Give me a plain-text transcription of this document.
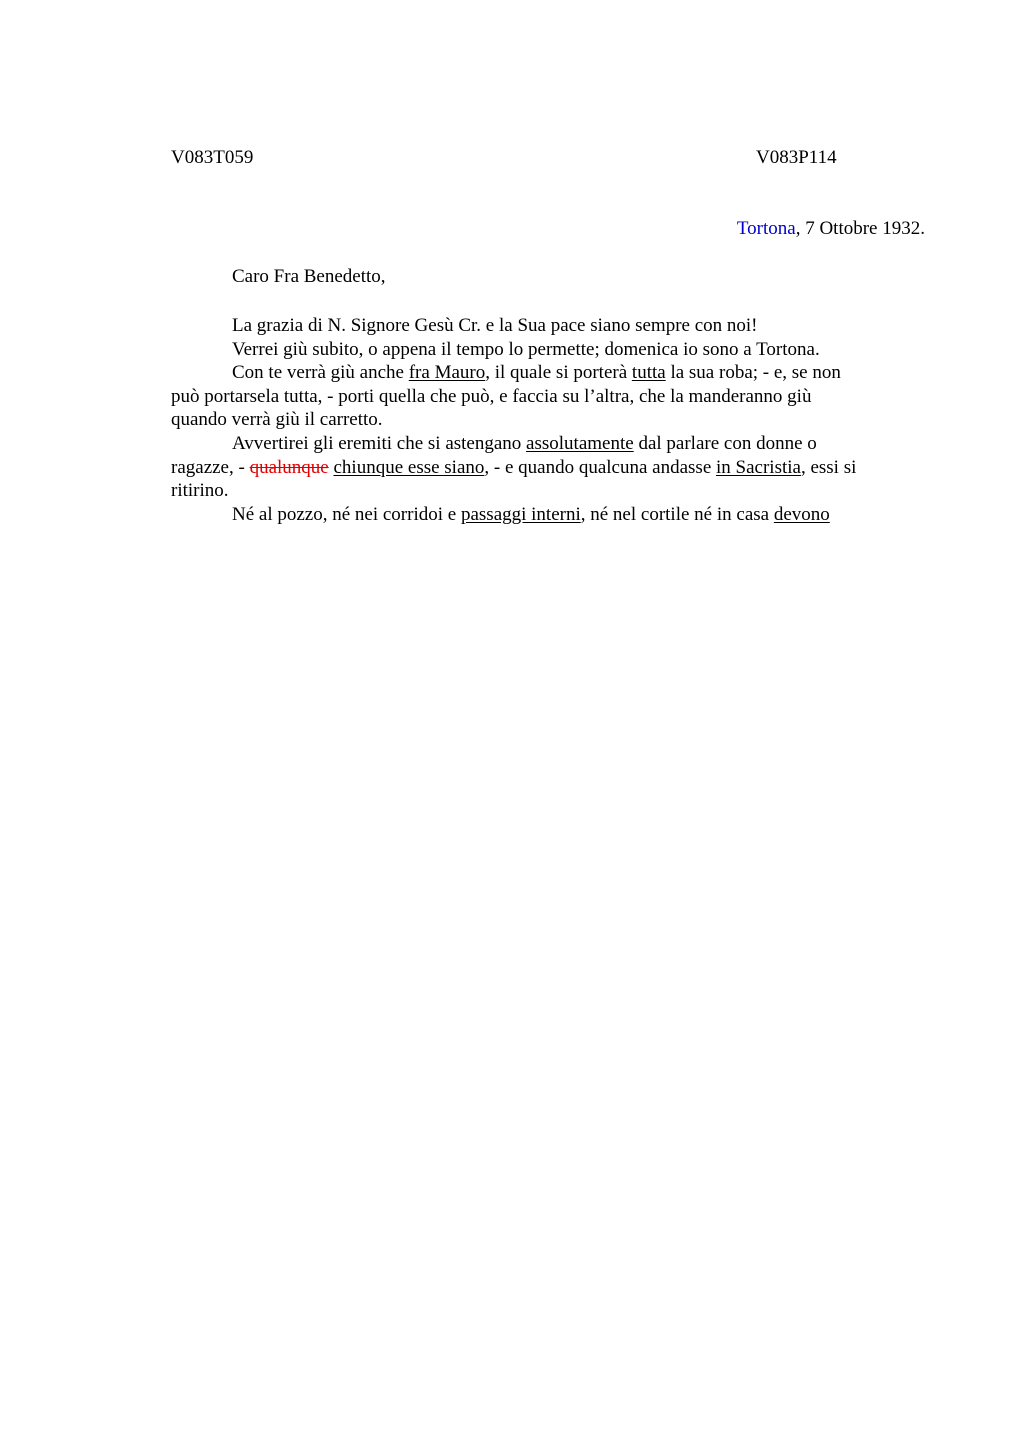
V083T059	V083P114
Tortona, 7 Ottobre 1932.
Caro Fra Benedetto,

La grazia di N. Signore Gesù Cr. e la Sua pace siano sempre con noi!

Verrei giù subito, o appena il tempo lo permette; domenica io sono a Tortona.

Con te verrà giù anche fra Mauro, il quale si porterà tutta la sua roba; - e, se non

può portarsela tutta, - porti quella che può, e faccia su l’altra, che la manderanno giù

quando verrà giù il carretto.

Avvertirei gli eremiti che si astengano assolutamente dal parlare con donne o

ragazze, - qualunque chiunque esse siano, - e quando qualcuna andasse in Sacristia, essi si

ritirino.

Né al pozzo, né nei corridoi e passaggi interni, né nel cortile né in casa devono
